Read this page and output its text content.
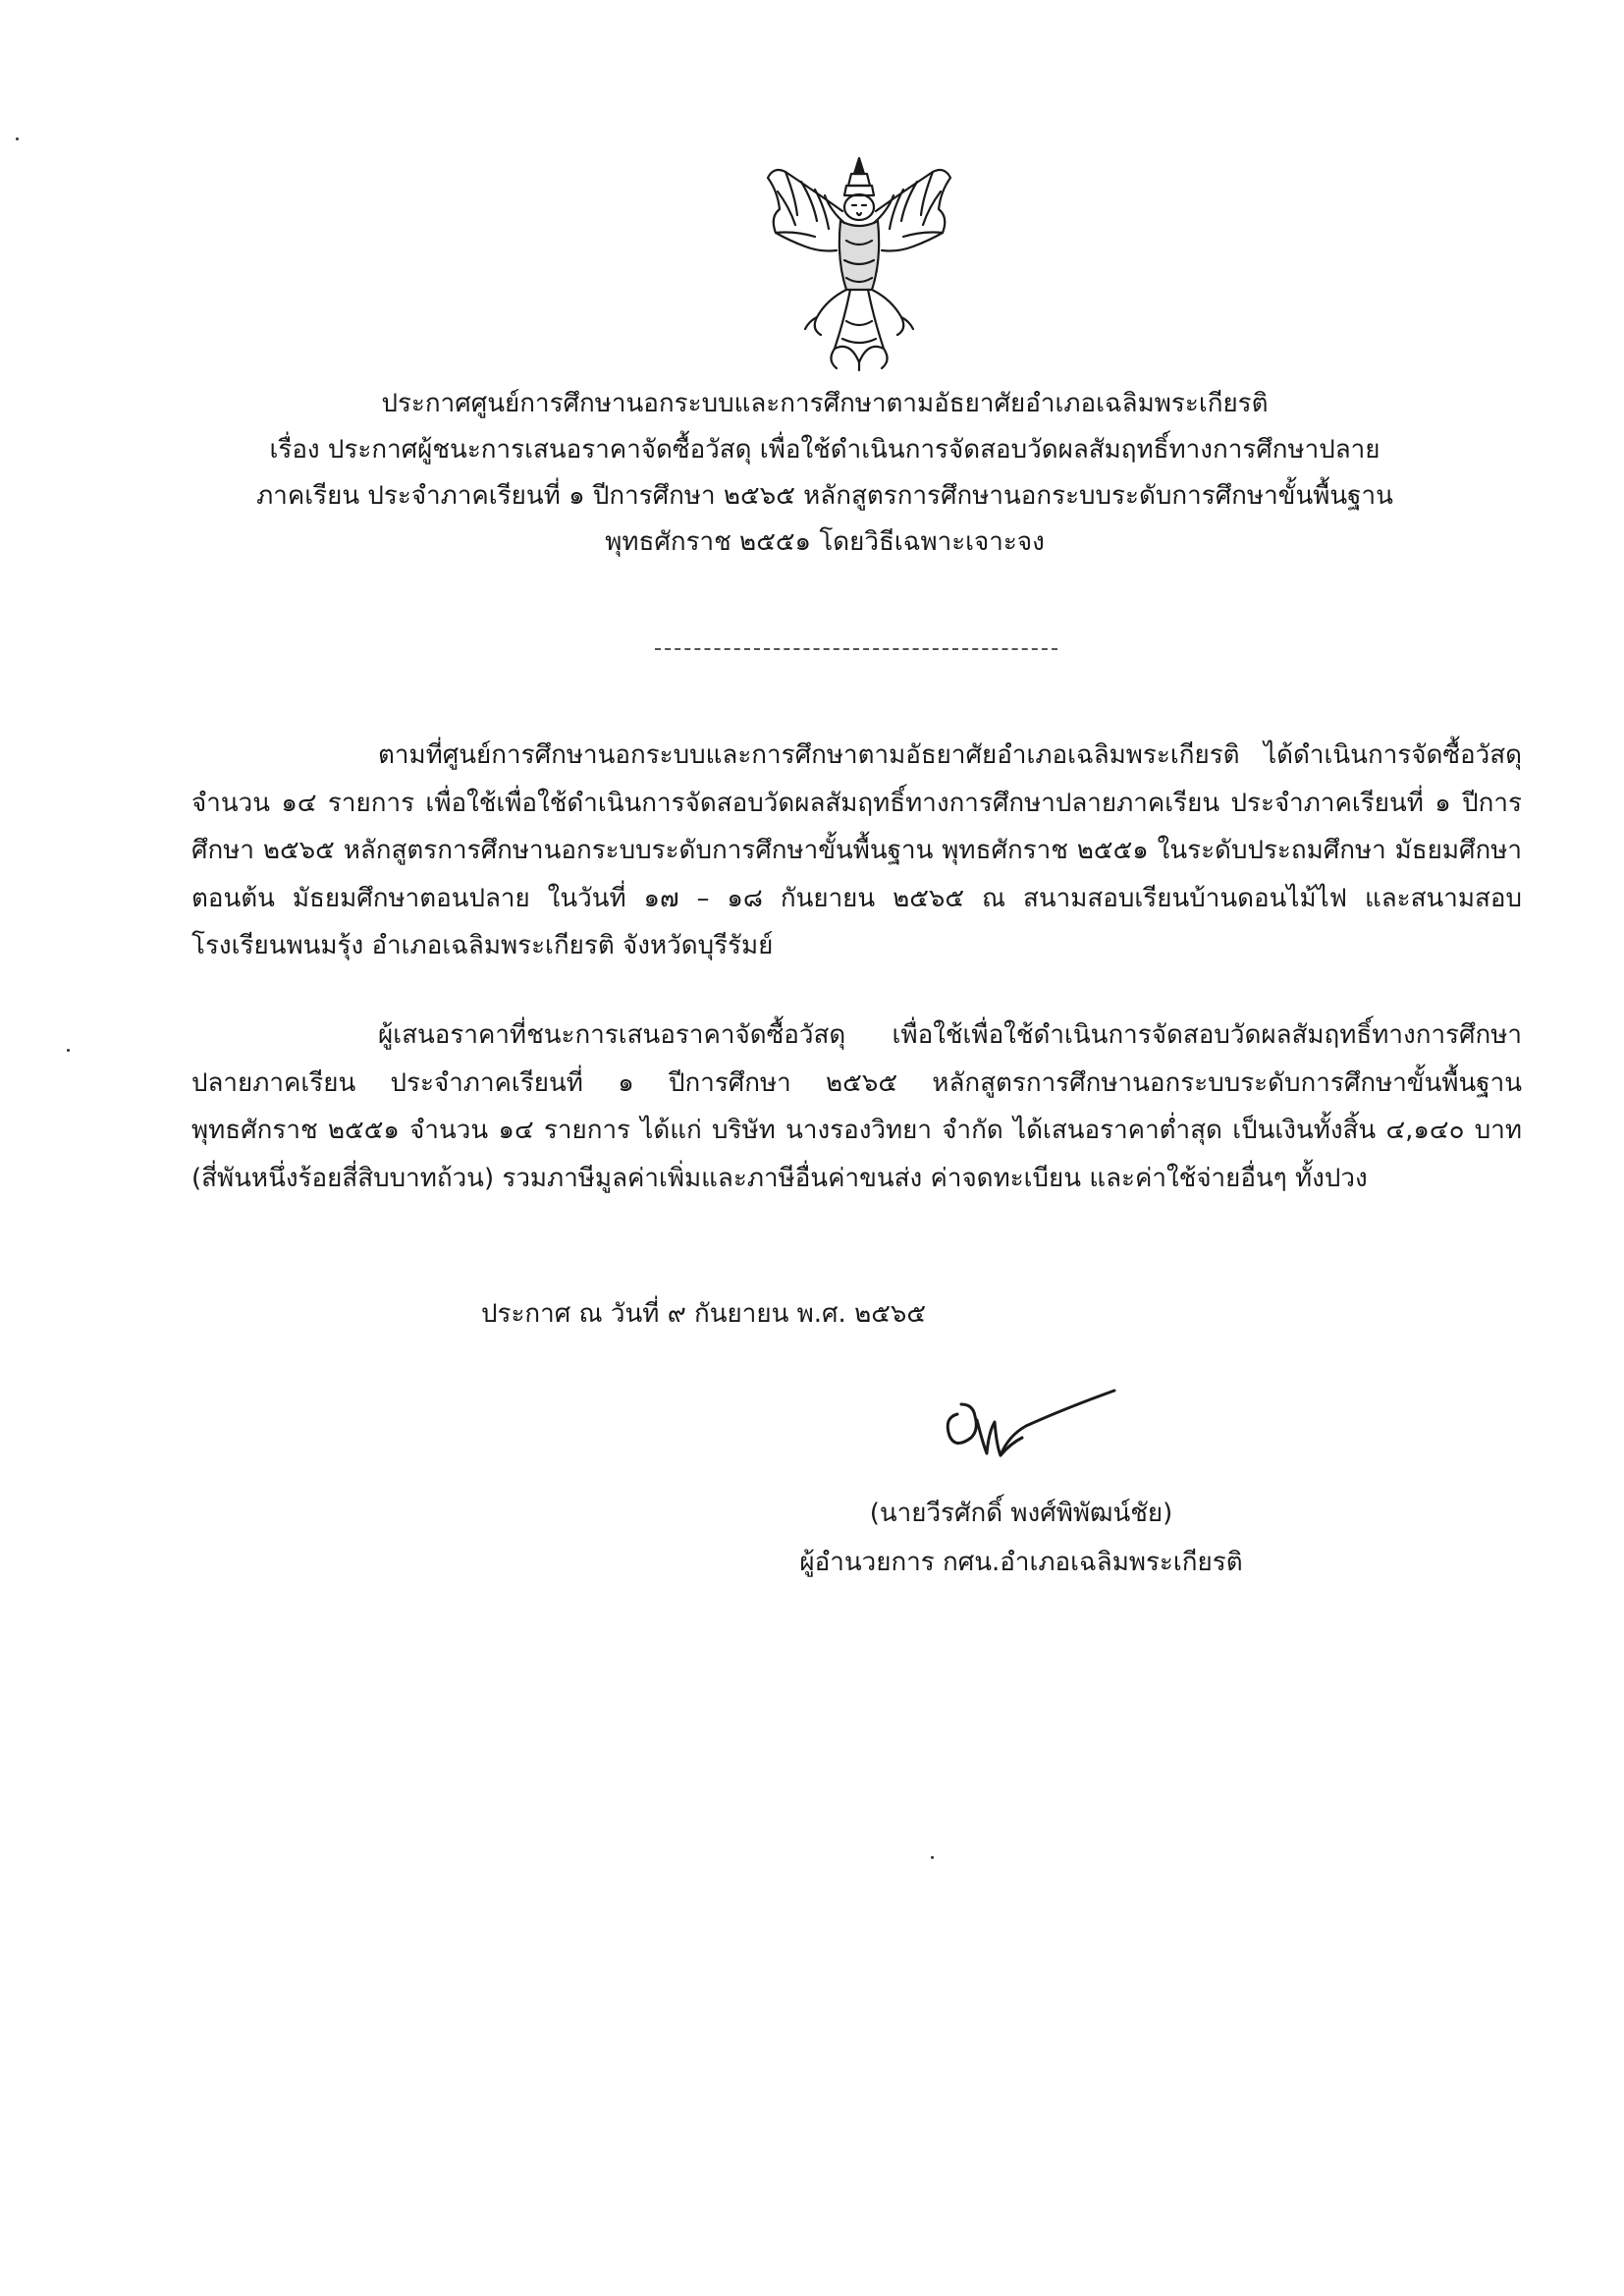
ประกาศศูนย์การศึกษานอกระบบและการศึกษาตามอัธยาศัยอำเภอเฉลิมพระเกียรติ
เรื่อง ประกาศผู้ชนะการเสนอราคาจัดซื้อวัสดุ เพื่อใช้ดำเนินการจัดสอบวัดผลสัมฤทธิ์ทางการศึกษาปลาย
ภาคเรียน ประจำภาคเรียนที่ ๑ ปีการศึกษา ๒๕๖๕ หลักสูตรการศึกษานอกระบบระดับการศึกษาขั้นพื้นฐาน
พุทธศักราช ๒๕๕๑ โดยวิธีเฉพาะเจาะจง
ตามที่ศูนย์การศึกษานอกระบบและการศึกษาตามอัธยาศัยอำเภอเฉลิมพระเกียรติ ได้ดำเนินการจัดซื้อวัสดุ จำนวน ๑๔ รายการ เพื่อใช้เพื่อใช้ดำเนินการจัดสอบวัดผลสัมฤทธิ์ทางการศึกษาปลายภาคเรียน ประจำภาคเรียนที่ ๑ ปีการศึกษา ๒๕๖๕ หลักสูตรการศึกษานอกระบบระดับการศึกษาขั้นพื้นฐาน พุทธศักราช ๒๕๕๑ ในระดับประถมศึกษา มัธยมศึกษาตอนต้น มัธยมศึกษาตอนปลาย ในวันที่ ๑๗ – ๑๘ กันยายน ๒๕๖๕ ณ สนามสอบเรียนบ้านดอนไม้ไฟ และสนามสอบโรงเรียนพนมรุ้ง อำเภอเฉลิมพระเกียรติ จังหวัดบุรีรัมย์
ผู้เสนอราคาที่ชนะการเสนอราคาจัดซื้อวัสดุ เพื่อใช้เพื่อใช้ดำเนินการจัดสอบวัดผลสัมฤทธิ์ทางการศึกษาปลายภาคเรียน ประจำภาคเรียนที่ ๑ ปีการศึกษา ๒๕๖๕ หลักสูตรการศึกษานอกระบบระดับการศึกษาขั้นพื้นฐาน พุทธศักราช ๒๕๕๑ จำนวน ๑๔ รายการ ได้แก่ บริษัท นางรองวิทยา จำกัด ได้เสนอราคาต่ำสุด เป็นเงินทั้งสิ้น ๔,๑๔๐ บาท (สี่พันหนึ่งร้อยสี่สิบบาทถ้วน) รวมภาษีมูลค่าเพิ่มและภาษีอื่นค่าขนส่ง ค่าจดทะเบียน และค่าใช้จ่ายอื่นๆ ทั้งปวง
ประกาศ ณ วันที่ ๙ กันยายน พ.ศ. ๒๕๖๕
(นายวีรศักดิ์ พงศ์พิพัฒน์ชัย)
ผู้อำนวยการ กศน.อำเภอเฉลิมพระเกียรติ
